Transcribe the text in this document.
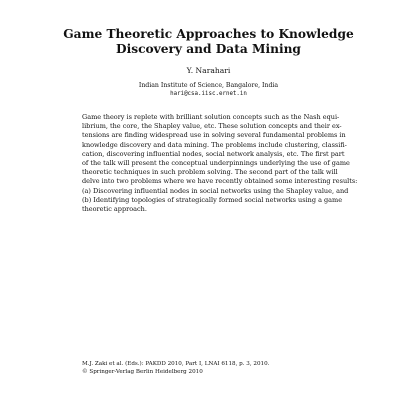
Game Theoretic Approaches to Knowledge
Discovery and Data Mining
Y. Narahari
Indian Institute of Science, Bangalore, India
hari@csa.iisc.ernet.in
Game theory is replete with brilliant solution concepts such as the Nash equi-
librium, the core, the Shapley value, etc. These solution concepts and their ex-
tensions are finding widespread use in solving several fundamental problems in
knowledge discovery and data mining. The problems include clustering, classifi-
cation, discovering influential nodes, social network analysis, etc. The first part
of the talk will present the conceptual underpinnings underlying the use of game
theoretic techniques in such problem solving. The second part of the talk will
delve into two problems where we have recently obtained some interesting results:
(a) Discovering influential nodes in social networks using the Shapley value, and
(b) Identifying topologies of strategically formed social networks using a game
theoretic approach.
M.J. Zaki et al. (Eds.): PAKDD 2010, Part I, LNAI 6118, p. 3, 2010.
© Springer-Verlag Berlin Heidelberg 2010
